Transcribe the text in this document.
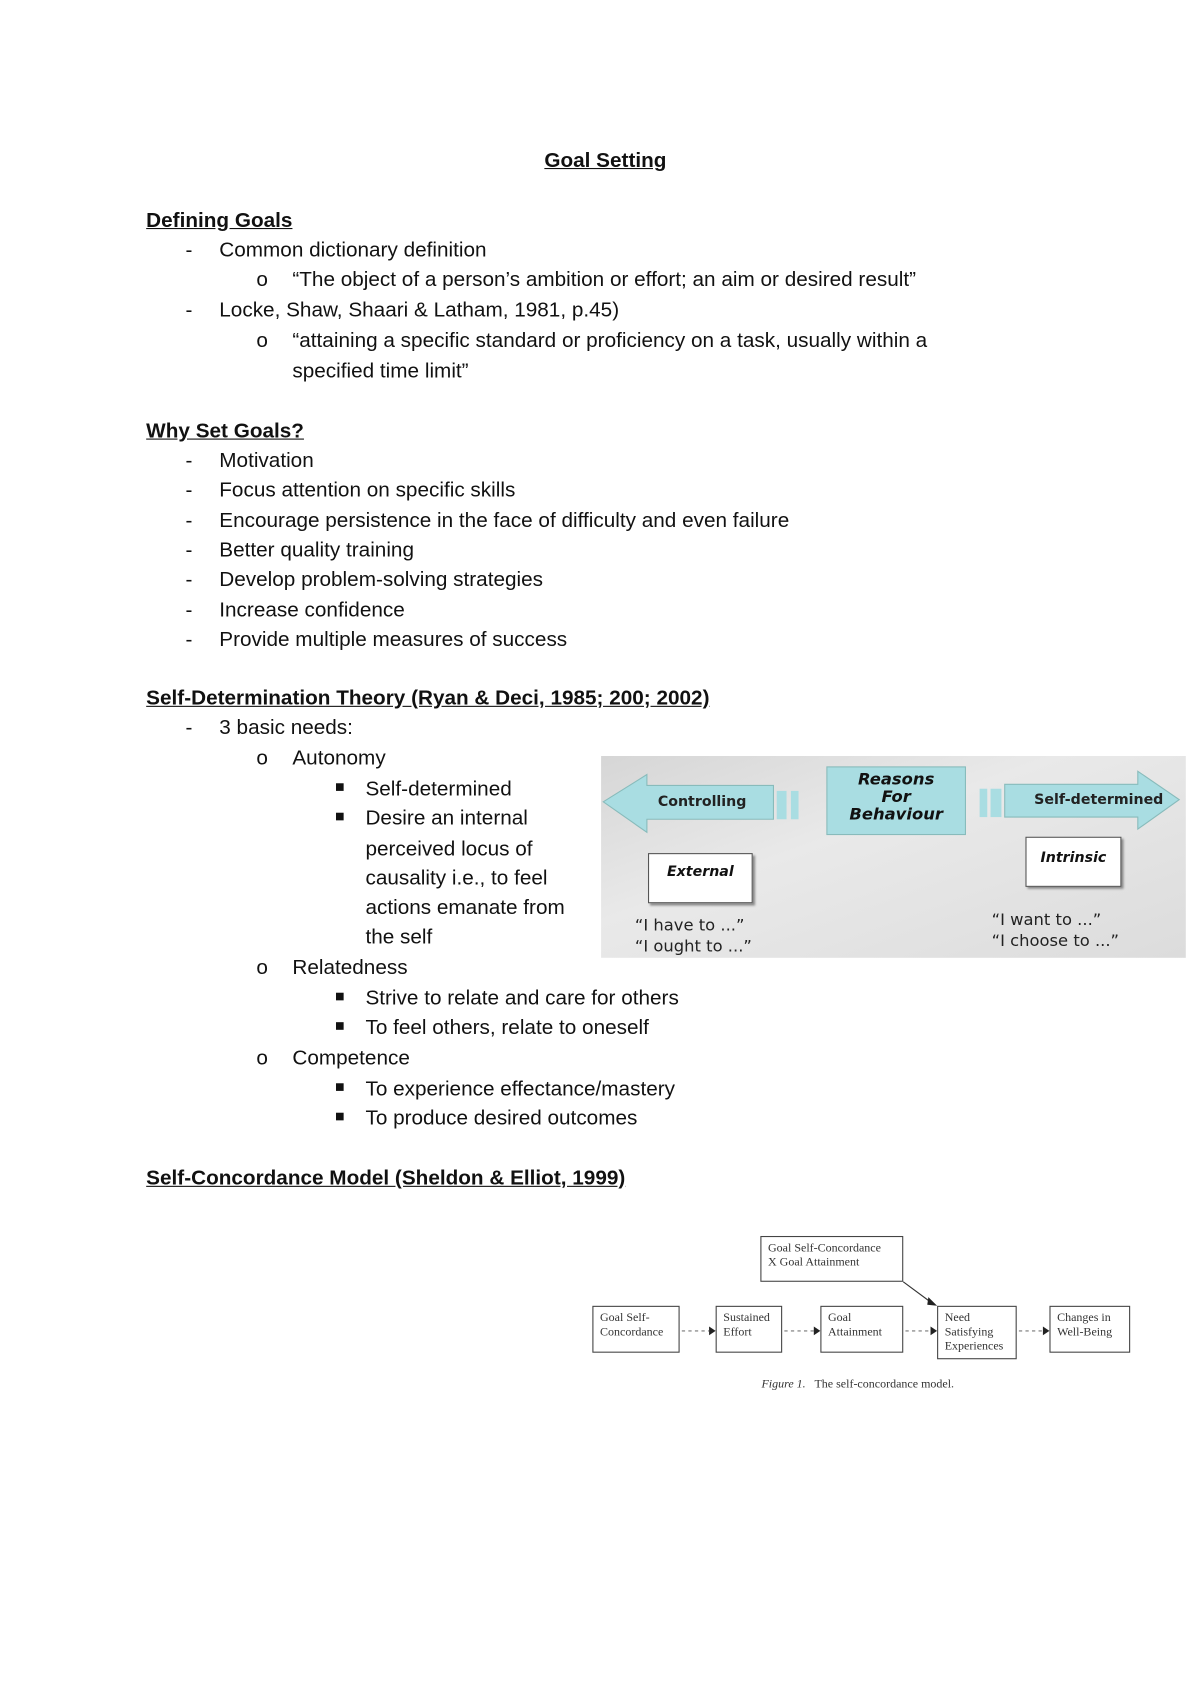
Goal Setting
Defining Goals
- Common dictionary definition
o “The object of a person’s ambition or effort; an aim or desired result”
- Locke, Shaw, Shaari & Latham, 1981, p.45)
o “attaining a specific standard or proficiency on a task, usually within a
specified time limit”
Why Set Goals?
- Motivation
- Focus attention on specific skills
- Encourage persistence in the face of difficulty and even failure
- Better quality training
- Develop problem-solving strategies
- Increase confidence
- Provide multiple measures of success
Self-Determination Theory (Ryan & Deci, 1985; 200; 2002)
- 3 basic needs:
o Autonomy
Self-determined
Desire an internal
perceived locus of
causality i.e., to feel
actions emanate from
the self
o Relatedness
Strive to relate and care for others
To feel others, relate to oneself
o Competence
To experience effectance/mastery
To produce desired outcomes
Controlling
Reasons
For
Behaviour
Self-determined
External
Intrinsic
“I have to ...”
“I ought to ...”
“I want to ...”
“I choose to ...”
Self-Concordance Model (Sheldon & Elliot, 1999)
Goal Self-Concordance
X Goal Attainment
Goal Self-
Concordance
Sustained
Effort
Goal
Attainment
Need
Satisfying
Experiences
Changes in
Well-Being
Figure 1. The self-concordance model.
